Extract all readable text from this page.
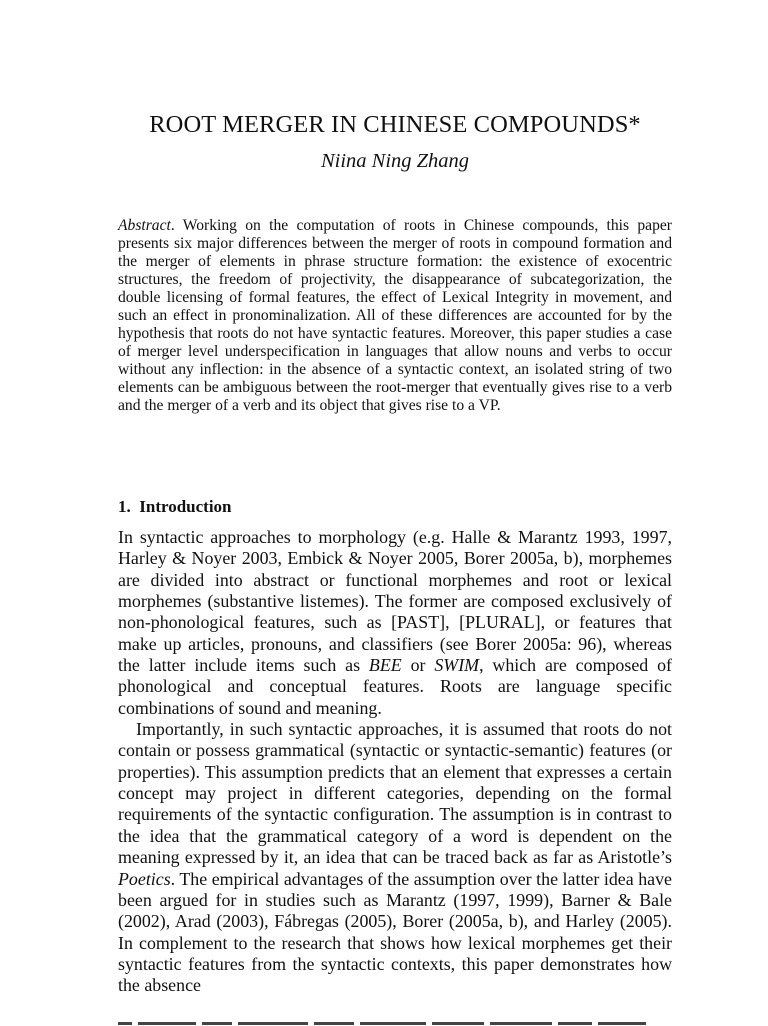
ROOT MERGER IN CHINESE COMPOUNDS*
Niina Ning Zhang

Abstract. Working on the computation of roots in Chinese compounds, this paper presents six major differences between the merger of roots in compound formation and the merger of elements in phrase structure formation: the existence of exocentric structures, the freedom of projectivity, the disappearance of subcategorization, the double licensing of formal features, the effect of Lexical Integrity in movement, and such an effect in pronominalization. All of these differences are accounted for by the hypothesis that roots do not have syntactic features. Moreover, this paper studies a case of merger level underspecification in languages that allow nouns and verbs to occur without any inflection: in the absence of a syntactic context, an isolated string of two elements can be ambiguous between the root-merger that eventually gives rise to a verb and the merger of a verb and its object that gives rise to a VP.

1. Introduction

In syntactic approaches to morphology (e.g. Halle & Marantz 1993, 1997, Harley & Noyer 2003, Embick & Noyer 2005, Borer 2005a, b), morphemes are divided into abstract or functional morphemes and root or lexical morphemes (substantive listemes). The former are composed exclusively of non-phonological features, such as [PAST], [PLURAL], or features that make up articles, pronouns, and classifiers (see Borer 2005a: 96), whereas the latter include items such as BEE or SWIM, which are composed of phonological and conceptual features. Roots are language specific combinations of sound and meaning.

Importantly, in such syntactic approaches, it is assumed that roots do not contain or possess grammatical (syntactic or syntactic-semantic) features (or properties). This assumption predicts that an element that expresses a certain concept may project in different categories, depending on the formal requirements of the syntactic configuration. The assumption is in contrast to the idea that the grammatical category of a word is dependent on the meaning expressed by it, an idea that can be traced back as far as Aristotle’s Poetics. The empirical advantages of the assumption over the latter idea have been argued for in studies such as Marantz (1997, 1999), Barner & Bale (2002), Arad (2003), Fábregas (2005), Borer (2005a, b), and Harley (2005). In complement to the research that shows how lexical morphemes get their syntactic features from the syntactic contexts, this paper demonstrates how the absence
